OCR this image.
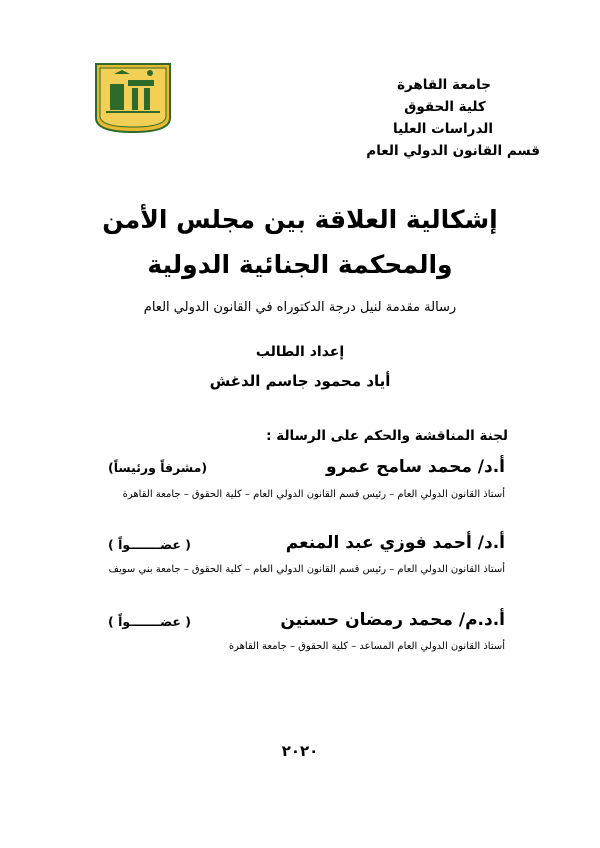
جامعة القاهرة
كلية الحقوق
الدراسات العليا
قسم القانون الدولي العام
إشكالية العلاقة بين مجلس الأمن
والمحكمة الجنائية الدولية
رسالة مقدمة لنيل درجة الدكتوراه في القانون الدولي العام
إعداد الطالب
أياد محمود جاسم الدغش
لجنة المناقشة والحكم على الرسالة :
أ.د/ محمد سامح عمرو
(مشرفاً ورئيساً)
أستاذ القانون الدولي العام – رئيس قسم القانون الدولي العام – كلية الحقوق – جامعة القاهرة
أ.د/ أحمد فوزي عبد المنعم
( عضـــــــواً )
أستاذ القانون الدولي العام – رئيس قسم القانون الدولي العام – كلية الحقوق – جامعة بني سويف
أ.د.م/ محمد رمضان حسنين
( عضـــــــواً )
أستاذ القانون الدولي العام المساعد – كلية الحقوق – جامعة القاهرة
٢٠٢٠
